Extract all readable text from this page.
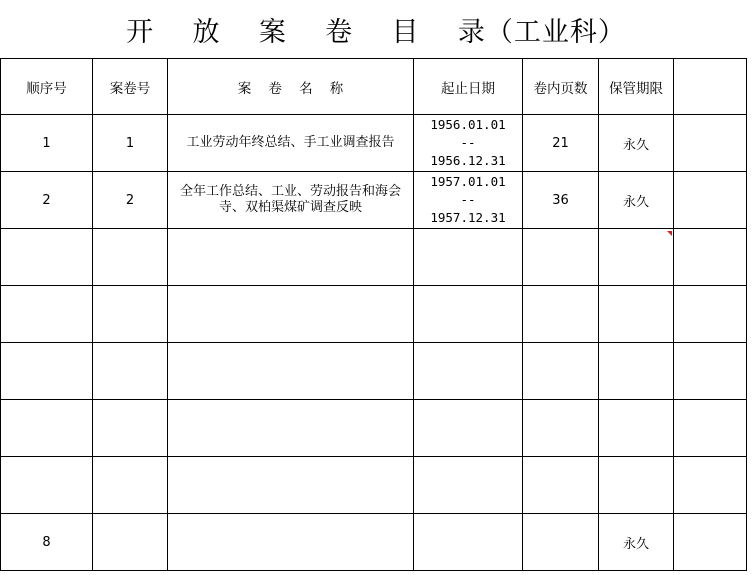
开    放    案    卷    目    录（工业科）
顺序号	案卷号	案    卷    名    称	起止日期	卷内页数	保管期限	
1	1	工业劳动年终总结、手工业调查报告	1956.01.01
--
1956.12.31	21	永久	
2	2	全年工作总结、工业、劳动报告和海会寺、双柏渠煤矿调查反映	1957.01.01
--
1957.12.31	36	永久	

8					永久	
